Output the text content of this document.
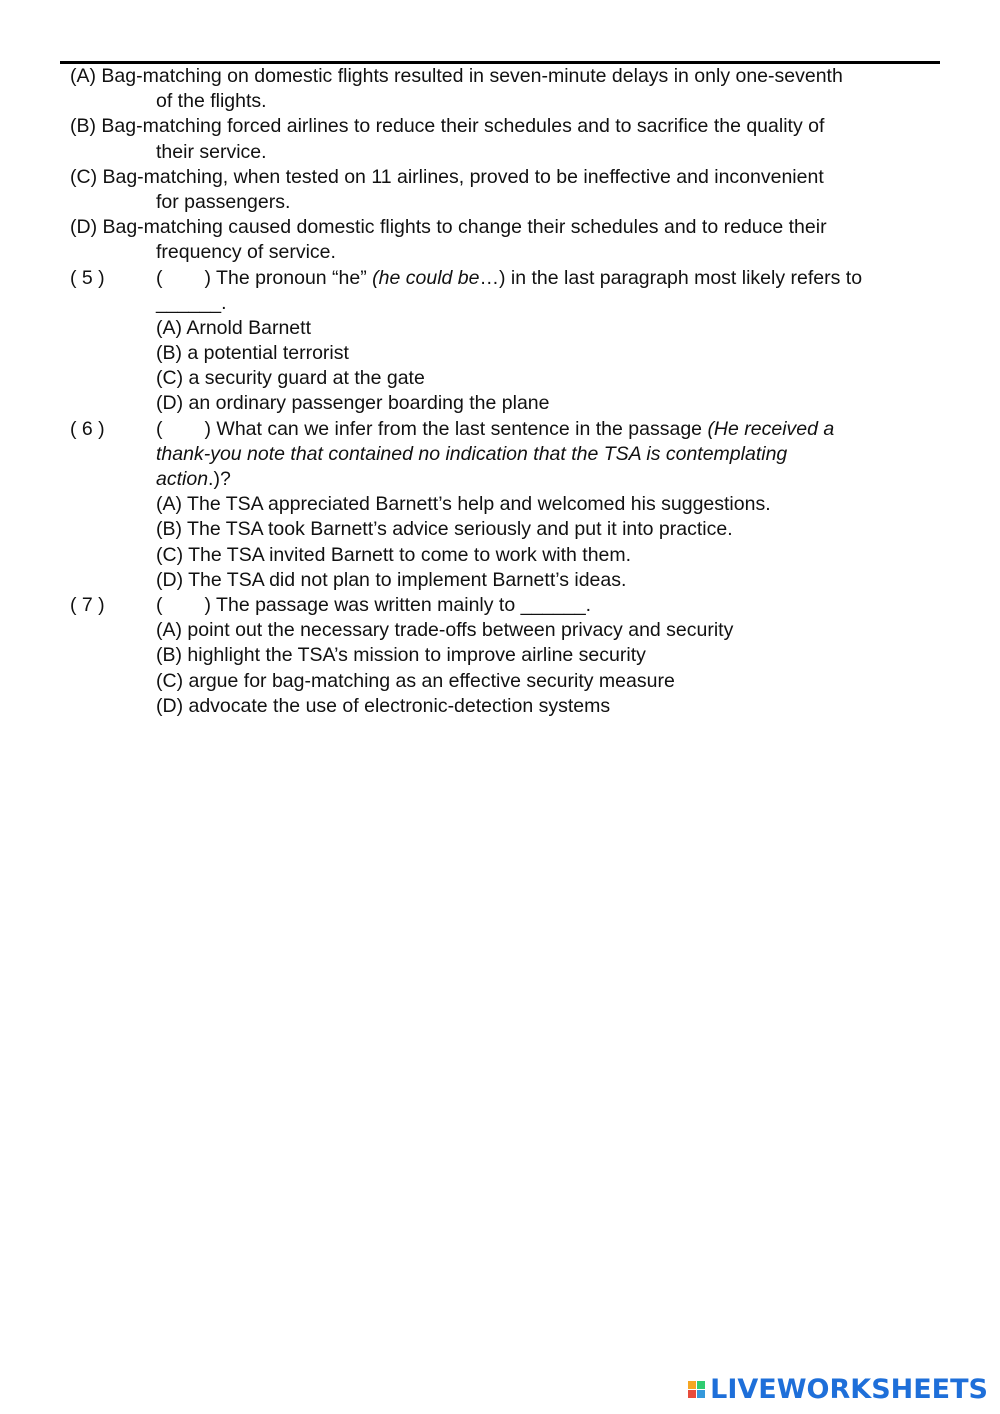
(A) Bag-matching on domestic flights resulted in seven-minute delays in only one-seventh
of the flights.
(B) Bag-matching forced airlines to reduce their schedules and to sacrifice the quality of
their service.
(C) Bag-matching, when tested on 11 airlines, proved to be ineffective and inconvenient
for passengers.
(D) Bag-matching caused domestic flights to change their schedules and to reduce their
frequency of service.
( 5 )	( ) The pronoun “he” (he could be…) in the last paragraph most likely refers to
______.
(A) Arnold Barnett
(B) a potential terrorist
(C) a security guard at the gate
(D) an ordinary passenger boarding the plane
( 6 )	( ) What can we infer from the last sentence in the passage (He received a
thank-you note that contained no indication that the TSA is contemplating
action.)?
(A) The TSA appreciated Barnett’s help and welcomed his suggestions.
(B) The TSA took Barnett’s advice seriously and put it into practice.
(C) The TSA invited Barnett to come to work with them.
(D) The TSA did not plan to implement Barnett’s ideas.
( 7 )	( ) The passage was written mainly to ______.
(A) point out the necessary trade-offs between privacy and security
(B) highlight the TSA’s mission to improve airline security
(C) argue for bag-matching as an effective security measure
(D) advocate the use of electronic-detection systems
LIVEWORKSHEETS
